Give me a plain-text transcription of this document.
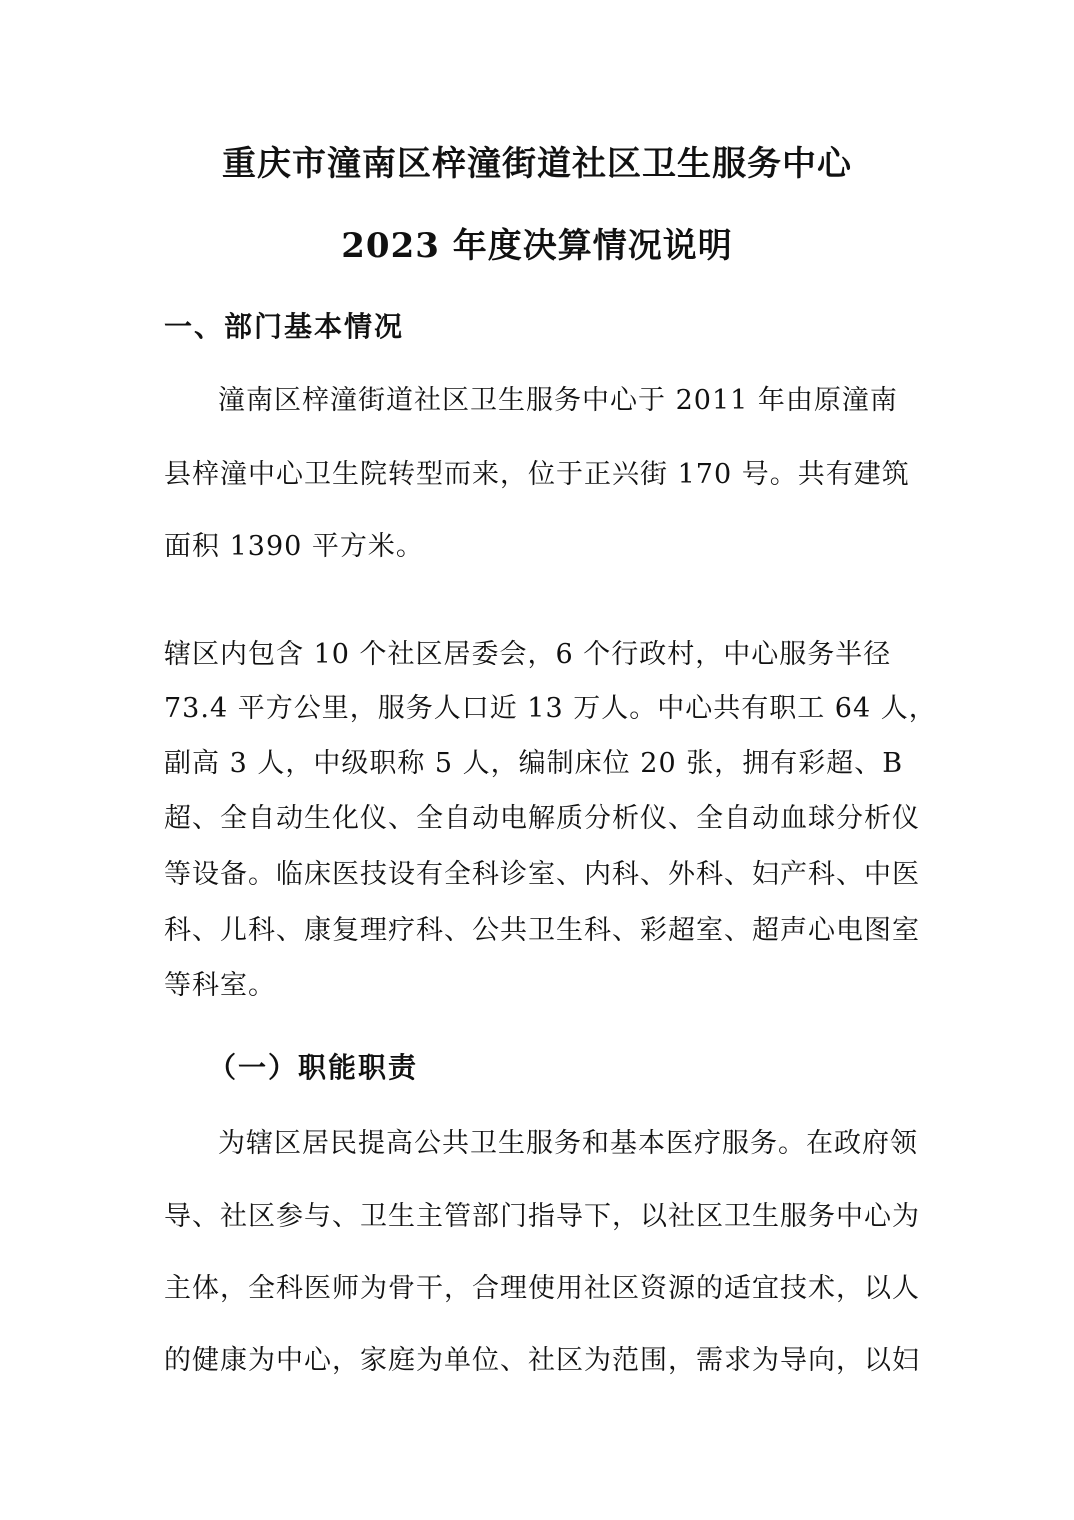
重庆市潼南区梓潼街道社区卫生服务中心
2023 年度决算情况说明
一、部门基本情况
潼南区梓潼街道社区卫生服务中心于 2011 年由原潼南
县梓潼中心卫生院转型而来，位于正兴街 170 号。共有建筑
面积 1390 平方米。
辖区内包含 10 个社区居委会，6 个行政村，中心服务半径
73.4 平方公里，服务人口近 13 万人。中心共有职工 64 人，
副高 3 人，中级职称 5 人，编制床位 20 张，拥有彩超、B
超、全自动生化仪、全自动电解质分析仪、全自动血球分析仪
等设备。临床医技设有全科诊室、内科、外科、妇产科、中医
科、儿科、康复理疗科、公共卫生科、彩超室、超声心电图室
等科室。
（一）职能职责
为辖区居民提高公共卫生服务和基本医疗服务。在政府领
导、社区参与、卫生主管部门指导下，以社区卫生服务中心为
主体，全科医师为骨干，合理使用社区资源的适宜技术，以人
的健康为中心，家庭为单位、社区为范围，需求为导向，以妇
